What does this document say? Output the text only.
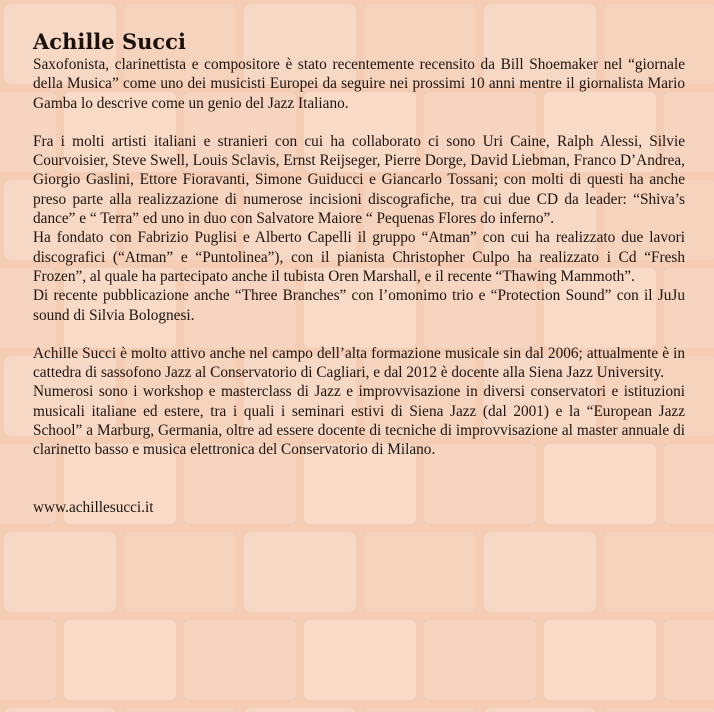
Achille Succi

Saxofonista, clarinettista e compositore è stato recentemente recensito da Bill Shoemaker nel “giornale della Musica” come uno dei musicisti Europei da seguire nei prossimi 10 anni mentre il giornalista Mario Gamba lo descrive come un genio del Jazz Italiano.

Fra i molti artisti italiani e stranieri con cui ha collaborato ci sono Uri Caine, Ralph Alessi, Silvie Courvoisier, Steve Swell, Louis Sclavis, Ernst Reijseger, Pierre Dorge, David Liebman, Franco D’Andrea, Giorgio Gaslini, Ettore Fioravanti, Simone Guiducci e Giancarlo Tossani; con molti di questi ha anche preso parte alla realizzazione di numerose incisioni discografiche, tra cui due CD da leader: “Shiva’s dance” e “ Terra” ed uno in duo con Salvatore Maiore “ Pequenas Flores do inferno”.

Ha fondato con Fabrizio Puglisi e Alberto Capelli il gruppo “Atman” con cui ha realizzato due lavori discografici (“Atman” e “Puntolinea”), con il pianista Christopher Culpo ha realizzato i Cd “Fresh Frozen”, al quale ha partecipato anche il tubista Oren Marshall, e il recente “Thawing Mammoth”.

Di recente pubblicazione anche “Three Branches” con l’omonimo trio e “Protection Sound” con il JuJu sound di Silvia Bolognesi.

Achille Succi è molto attivo anche nel campo dell’alta formazione musicale sin dal 2006; attualmente è in cattedra di sassofono Jazz al Conservatorio di Cagliari, e dal 2012 è docente alla Siena Jazz University.

Numerosi sono i workshop e masterclass di Jazz e improvvisazione in diversi conservatori e istituzioni musicali italiane ed estere, tra i quali i seminari estivi di Siena Jazz (dal 2001) e la “European Jazz School” a Marburg, Germania, oltre ad essere docente di tecniche di improvvisazione al master annuale di clarinetto basso e musica elettronica del Conservatorio di Milano.

www.achillesucci.it
